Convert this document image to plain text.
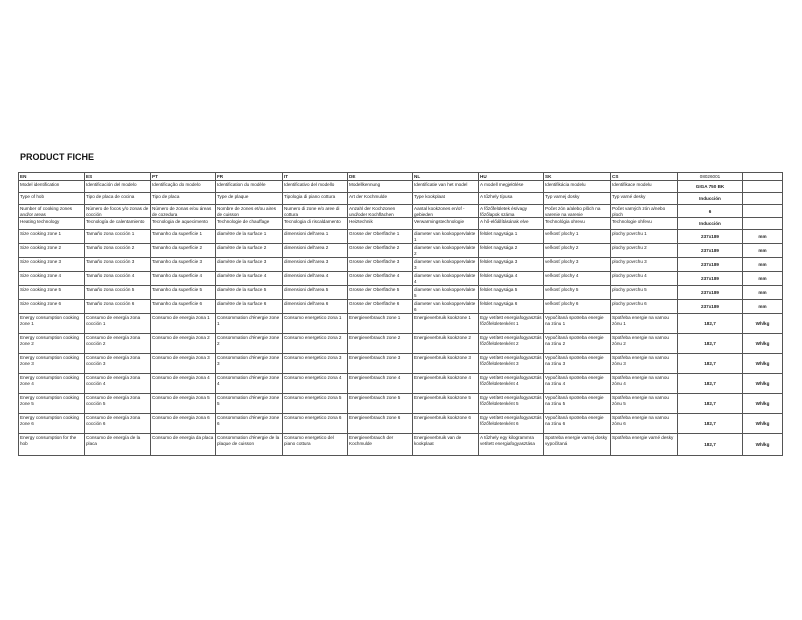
PRODUCT FICHE
EN	ES	PT	FR	IT	DE	NL	HU	SK	CS	08026001	
Model identification	Identificación del modelo	Identificação do modelo	Identification du modèle	Identificativo del modello	Modellkennung	Identificatie van het model	A modell megjelölése	Identifikácia modelu	Identifikace modelu	GIGA 750 BK	
Type of hob	Tipo de placa de cocina	Tipo de placa	Type de plaque	Tipologia di piano cottura	Art der Kochmulde	Type kookplaat	A tűzhely típusa	Typ varnej dosky	Typ varné desky	Inducción	
Number of cooking zones and/or areas	Número de focos y/o zonas de cocción	Número de zonas e/ou áreas de cozedura	Nombre de zones et/ou aires de cuisson	Numero di zone e/o aree di cottura	Anzahl der Kochzonen und/oder Kochflächen	Aantal kookzones en/of -gebieden	A főzőfelületek és/vagy főzőlapok száma	Počet zón a/alebo plôch na varenie na varenie	Počet varných zón a/nebo ploch	6	
Heating technology	Tecnología de calentamiento	Tecnologia de aquecimento	Technologie de chauffage	Tecnologia di riscaldamento	Heiztechnik	Verwarmingstechnologie	A hő-előállításának elve	Technológia ohrevu	Technologie ohřevu	Inducción	
Size cooking zone 1	Tamaño zona cocción 1	Tamanho da superficie 1	diamètre de la surface 1	dimensioni dell'area 1	Grosse der Oberfläche 1	diameter van kookoppervlakte 1	felület nagysága 1	veľkosť plochy 1	plochy povrchu 1	237x189	mm
Size cooking zone 2	Tamaño zona cocción 2	Tamanho da superficie 2	diamètre de la surface 2	dimensioni dell'area 2	Grosse der Oberfläche 2	diameter van kookoppervlakte 2	felület nagysága 2	veľkosť plochy 2	plochy povrchu 2	237x189	mm
Size cooking zone 3	Tamaño zona cocción 3	Tamanho da superficie 3	diamètre de la surface 3	dimensioni dell'area 3	Grosse der Oberfläche 3	diameter van kookoppervlakte 3	felület nagysága 3	veľkosť plochy 3	plochy povrchu 3	237x189	mm
Size cooking zone 4	Tamaño zona cocción 4	Tamanho da superficie 4	diamètre de la surface 4	dimensioni dell'area 4	Grosse der Oberfläche 4	diameter van kookoppervlakte 4	felület nagysága 4	veľkosť plochy 4	plochy povrchu 4	237x189	mm
Size cooking zone 5	Tamaño zona cocción 5	Tamanho da superficie 5	diamètre de la surface 5	dimensioni dell'area 5	Grosse der Oberfläche 5	diameter van kookoppervlakte 5	felület nagysága 5	veľkosť plochy 5	plochy povrchu 5	237x189	mm
Size cooking zone 6	Tamaño zona cocción 6	Tamanho da superficie 6	diamètre de la surface 6	dimensioni dell'area 6	Grosse der Oberfläche 6	diameter van kookoppervlakte 6	felület nagysága 6	veľkosť plochy 6	plochy povrchu 6	237x189	mm
Energy consumption cooking zone 1	Consumo de energía zona cocción 1	Consumo de energia zona 1	Consommation d'énergie zone 1	Consumo energetico zona 1	Energieverbrauch zone 1	Energieverbruik kookzone 1	Egy vetített energiafogyasztás főzőfelületenként 1	Vypočítaná spotreba energie na zónu 1	Spotřeba energie na varnou zónu 1	182,7	Wh/kg
Energy consumption cooking zone 2	Consumo de energía zona cocción 2	Consumo de energia zona 2	Consommation d'énergie zone 2	Consumo energetico zona 2	Energieverbrauch zone 2	Energieverbruik kookzone 2	Egy vetített energiafogyasztás főzőfelületenként 2	Vypočítaná spotreba energie na zónu 2	Spotřeba energie na varnou zónu 2	182,7	Wh/kg
Energy consumption cooking zone 3	Consumo de energía zona cocción 3	Consumo de energia zona 3	Consommation d'énergie zone 3	Consumo energetico zona 3	Energieverbrauch zone 3	Energieverbruik kookzone 3	Egy vetített energiafogyasztás főzőfelületenként 3	Vypočítaná spotreba energie na zónu 3	Spotřeba energie na varnou zónu 3	182,7	Wh/kg
Energy consumption cooking zone 4	Consumo de energía zona cocción 4	Consumo de energia zona 4	Consommation d'énergie zone 4	Consumo energetico zona 4	Energieverbrauch zone 4	Energieverbruik kookzone 4	Egy vetített energiafogyasztás főzőfelületenként 4	Vypočítaná spotreba energie na zónu 4	Spotřeba energie na varnou zónu 4	182,7	Wh/kg
Energy consumption cooking zone 5	Consumo de energía zona cocción 5	Consumo de energia zona 5	Consommation d'énergie zone 5	Consumo energetico zona 5	Energieverbrauch zone 5	Energieverbruik kookzone 5	Egy vetített energiafogyasztás főzőfelületenként 5	Vypočítaná spotreba energie na zónu 5	Spotřeba energie na varnou zónu 5	182,7	Wh/kg
Energy consumption cooking zone 6	Consumo de energía zona cocción 6	Consumo de energia zona 6	Consommation d'énergie zone 6	Consumo energetico zona 6	Energieverbrauch zone 6	Energieverbruik kookzone 6	Egy vetített energiafogyasztás főzőfelületenként 6	Vypočítaná spotreba energie na zónu 6	Spotřeba energie na varnou zónu 6	182,7	Wh/kg
Energy consumption for the hob	Consumo de energía de la placa	Consumo de energia da placa	Consommation d'énergie de la plaque de cuisson	Consumo energetico del piano cottura	Energieverbrauch der Kochmulde	Energieverbruik van de kookplaat	A tűzhely egy kilogrammra vetített energiafogyasztása	Spotreba energie varnej dosky vypočítaná	Spotřeba energie varné desky	182,7	Wh/kg
